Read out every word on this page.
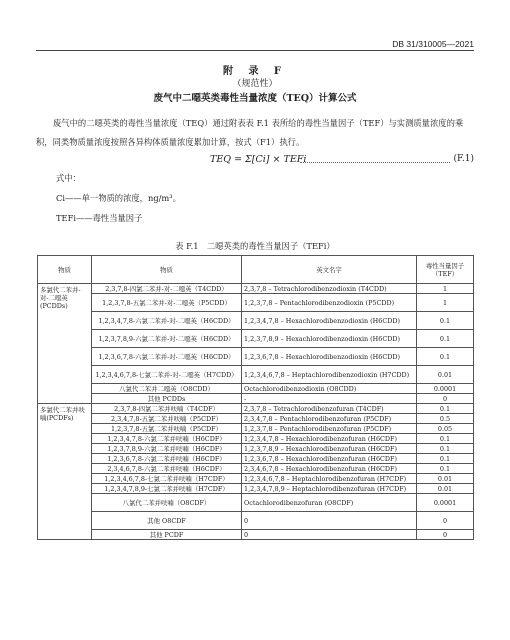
DB 31/310005—2021
附 录 F
（规范性）
废气中二噁英类毒性当量浓度（TEQ）计算公式
废气中的二噁英类的毒性当量浓度（TEQ）通过附表表 F.1 表所给的毒性当量因子（TEF）与实测质量浓度的乘积，同类物质量浓度按照各异构体质量浓度累加计算，按式（F1）执行。
TEQ = Σ[Ci] × TEFi	(F.1)
式中：
Ci——单一物质的浓度，ng/m³。
TEFi——毒性当量因子
表 F.1　二噁英类的毒性当量因子（TEFi）
物质	物质	英文名字	毒性当量因子（TEF）
多氯代二苯并-对-二噁英(PCDDs)	2,3,7,8-四氯二苯并-对-二噁英（T4CDD）	2,3,7,8 – Tetrachlorodibenzodioxin (T4CDD)	1
	1,2,3,7,8-五氯二苯并-对-二噁英（P5CDD）	1,2,3,7,8 – Pentachlorodibenzodioxin (P5CDD)	1
	1,2,3,4,7,8-六氯二苯并-对-二噁英（H6CDD）	1,2,3,4,7,8 – Hexachlorodibenzodioxin (H6CDD)	0.1
	1,2,3,7,8,9-六氯二苯并-对-二噁英（H6CDD）	1,2,3,7,8,9 – Hexachlorodibenzodioxin (H6CDD)	0.1
	1,2,3,6,7,8-六氯二苯并-对-二噁英（H6CDD）	1,2,3,6,7,8 – Hexachlorodibenzodioxin (H6CDD)	0.1
	1,2,3,4,6,7,8-七氯二苯并-对-二噁英（H7CDD）	1,2,3,4,6,7,8 – Heptachlorodibenzodioxin (H7CDD)	0.01
	八氯代二苯并二噁英（O8CDD）	Octachlorodibenzodioxin (O8CDD)	0.0001
	其他 PCDDs	-	0
多氯代二苯并呋喃(PCDFs)	2,3,7,8-四氯二苯并呋喃（T4CDF）	2,3,7,8 – Tetrachlorodibenzofuran (T4CDF)	0.1
	2,3,4,7,8-五氯二苯并呋喃（P5CDF）	2,3,4,7,8 – Pentachlorodibenzofuran (P5CDF)	0.5
	1,2,3,7,8-五氯二苯并呋喃（P5CDF）	1,2,3,7,8 – Pentachlorodibenzofuran (P5CDF)	0.05
	1,2,3,4,7,8-六氯二苯并呋喃（H6CDF）	1,2,3,4,7,8 – Hexachlorodibenzofuran (H6CDF)	0.1
	1,2,3,7,8,9-六氯二苯并呋喃（H6CDF）	1,2,3,7,8,9 – Hexachlorodibenzofuran (H6CDF)	0.1
	1,2,3,6,7,8-六氯二苯并呋喃（H6CDF）	1,2,3,6,7,8 – Hexachlorodibenzofuran (H6CDF)	0.1
	2,3,4,6,7,8-六氯二苯并呋喃（H6CDF）	2,3,4,6,7,8 – Hexachlorodibenzofuran (H6CDF)	0.1
	1,2,3,4,6,7,8-七氯二苯并呋喃（H7CDF）	1,2,3,4,6,7,8 – Heptachlorodibenzofuran (H7CDF)	0.01
	1,2,3,4,7,8,9-七氯二苯并呋喃（H7CDF）	1,2,3,4,7,8,9 – Heptachlorodibenzofuran (H7CDF)	0.01
	八氯代二苯并呋喃（O8CDF）	Octachlorodibenzofuran (O8CDF)	0.0001
	其他 O8CDF	0	0
	其他 PCDF	0	0
